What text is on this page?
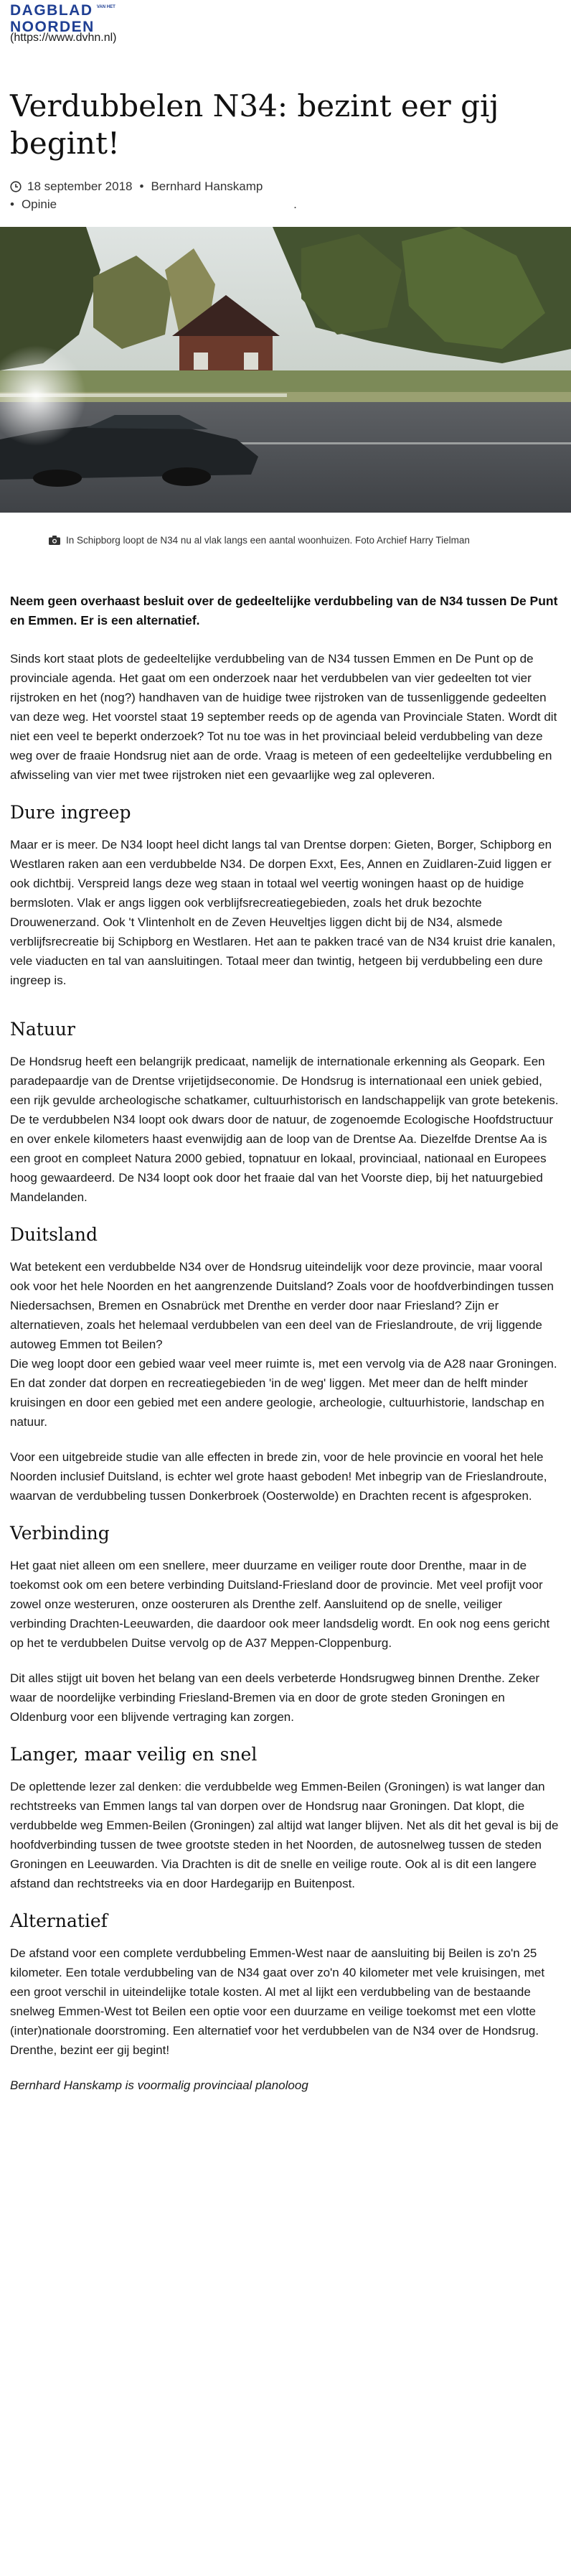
DAGBLAD
NOORDEN
VAN HET
(https://www.dvhn.nl)
Verdubbelen N34: bezint eer gij begint!
18 september 2018 • Bernhard Hanskamp
• Opinie	.
In Schipborg loopt de N34 nu al vlak langs een aantal woonhuizen. Foto Archief Harry Tielman

Neem geen overhaast besluit over de gedeeltelijke verdubbeling van de N34 tussen De Punt en Emmen. Er is een alternatief.

Sinds kort staat plots de gedeeltelijke verdubbeling van de N34 tussen Emmen en De Punt op de provinciale agenda. Het gaat om een onderzoek naar het verdubbelen van vier gedeelten tot vier rijstroken en het (nog?) handhaven van de huidige twee rijstroken van de tussenliggende gedeelten van deze weg. Het voorstel staat 19 september reeds op de agenda van Provinciale Staten. Wordt dit niet een veel te beperkt onderzoek? Tot nu toe was in het provinciaal beleid verdubbeling van deze weg over de fraaie Hondsrug niet aan de orde. Vraag is meteen of een gedeeltelijke verdubbeling en afwisseling van vier met twee rijstroken niet een gevaarlijke weg zal opleveren.

Dure ingreep

Maar er is meer. De N34 loopt heel dicht langs tal van Drentse dorpen: Gieten, Borger, Schipborg en Westlaren raken aan een verdubbelde N34. De dorpen Exxt, Ees, Annen en Zuidlaren-Zuid liggen er ook dichtbij. Verspreid langs deze weg staan in totaal wel veertig woningen haast op de huidige bermsloten. Vlak er angs liggen ook verblijfsrecreatiegebieden, zoals het druk bezochte Drouwenerzand. Ook 't Vlintenholt en de Zeven Heuveltjes liggen dicht bij de N34, alsmede verblijfsrecreatie bij Schipborg en Westlaren. Het aan te pakken tracé van de N34 kruist drie kanalen, vele viaducten en tal van aansluitingen. Totaal meer dan twintig, hetgeen bij verdubbeling een dure ingreep is.

Natuur

De Hondsrug heeft een belangrijk predicaat, namelijk de internationale erkenning als Geopark. Een paradepaardje van de Drentse vrijetijdseconomie. De Hondsrug is internationaal een uniek gebied, een rijk gevulde archeologische schatkamer, cultuurhistorisch en landschappelijk van grote betekenis. De te verdubbelen N34 loopt ook dwars door de natuur, de zogenoemde Ecologische Hoofdstructuur en over enkele kilometers haast evenwijdig aan de loop van de Drentse Aa. Diezelfde Drentse Aa is een groot en compleet Natura 2000 gebied, topnatuur en lokaal, provinciaal, nationaal en Europees hoog gewaardeerd. De N34 loopt ook door het fraaie dal van het Voorste diep, bij het natuurgebied Mandelanden.

Duitsland

Wat betekent een verdubbelde N34 over de Hondsrug uiteindelijk voor deze provincie, maar vooral ook voor het hele Noorden en het aangrenzende Duitsland? Zoals voor de hoofdverbindingen tussen Niedersachsen, Bremen en Osnabrück met Drenthe en verder door naar Friesland? Zijn er alternatieven, zoals het helemaal verdubbelen van een deel van de Frieslandroute, de vrij liggende autoweg Emmen tot Beilen?
Die weg loopt door een gebied waar veel meer ruimte is, met een vervolg via de A28 naar Groningen. En dat zonder dat dorpen en recreatiegebieden 'in de weg' liggen. Met meer dan de helft minder kruisingen en door een gebied met een andere geologie, archeologie, cultuurhistorie, landschap en natuur.

Voor een uitgebreide studie van alle effecten in brede zin, voor de hele provincie en vooral het hele Noorden inclusief Duitsland, is echter wel grote haast geboden! Met inbegrip van de Frieslandroute, waarvan de verdubbeling tussen Donkerbroek (Oosterwolde) en Drachten recent is afgesproken.

Verbinding

Het gaat niet alleen om een snellere, meer duurzame en veiliger route door Drenthe, maar in de toekomst ook om een betere verbinding Duitsland-Friesland door de provincie. Met veel profijt voor zowel onze westeruren, onze oosteruren als Drenthe zelf. Aansluitend op de snelle, veiliger verbinding Drachten-Leeuwarden, die daardoor ook meer landsdelig wordt. En ook nog eens gericht op het te verdubbelen Duitse vervolg op de A37 Meppen-Cloppenburg.

Dit alles stijgt uit boven het belang van een deels verbeterde Hondsrugweg binnen Drenthe. Zeker waar de noordelijke verbinding Friesland-Bremen via en door de grote steden Groningen en Oldenburg voor een blijvende vertraging kan zorgen.

Langer, maar veilig en snel

De oplettende lezer zal denken: die verdubbelde weg Emmen-Beilen (Groningen) is wat langer dan rechtstreeks van Emmen langs tal van dorpen over de Hondsrug naar Groningen. Dat klopt, die verdubbelde weg Emmen-Beilen (Groningen) zal altijd wat langer blijven. Net als dit het geval is bij de hoofdverbinding tussen de twee grootste steden in het Noorden, de autosnelweg tussen de steden Groningen en Leeuwarden. Via Drachten is dit de snelle en veilige route. Ook al is dit een langere afstand dan rechtstreeks via en door Hardegarijp en Buitenpost.

Alternatief

De afstand voor een complete verdubbeling Emmen-West naar de aansluiting bij Beilen is zo'n 25 kilometer. Een totale verdubbeling van de N34 gaat over zo'n 40 kilometer met vele kruisingen, met een groot verschil in uiteindelijke totale kosten. Al met al lijkt een verdubbeling van de bestaande snelweg Emmen-West tot Beilen een optie voor een duurzame en veilige toekomst met een vlotte (inter)nationale doorstroming. Een alternatief voor het verdubbelen van de N34 over de Hondsrug. Drenthe, bezint eer gij begint!

Bernhard Hanskamp is voormalig provinciaal planoloog
